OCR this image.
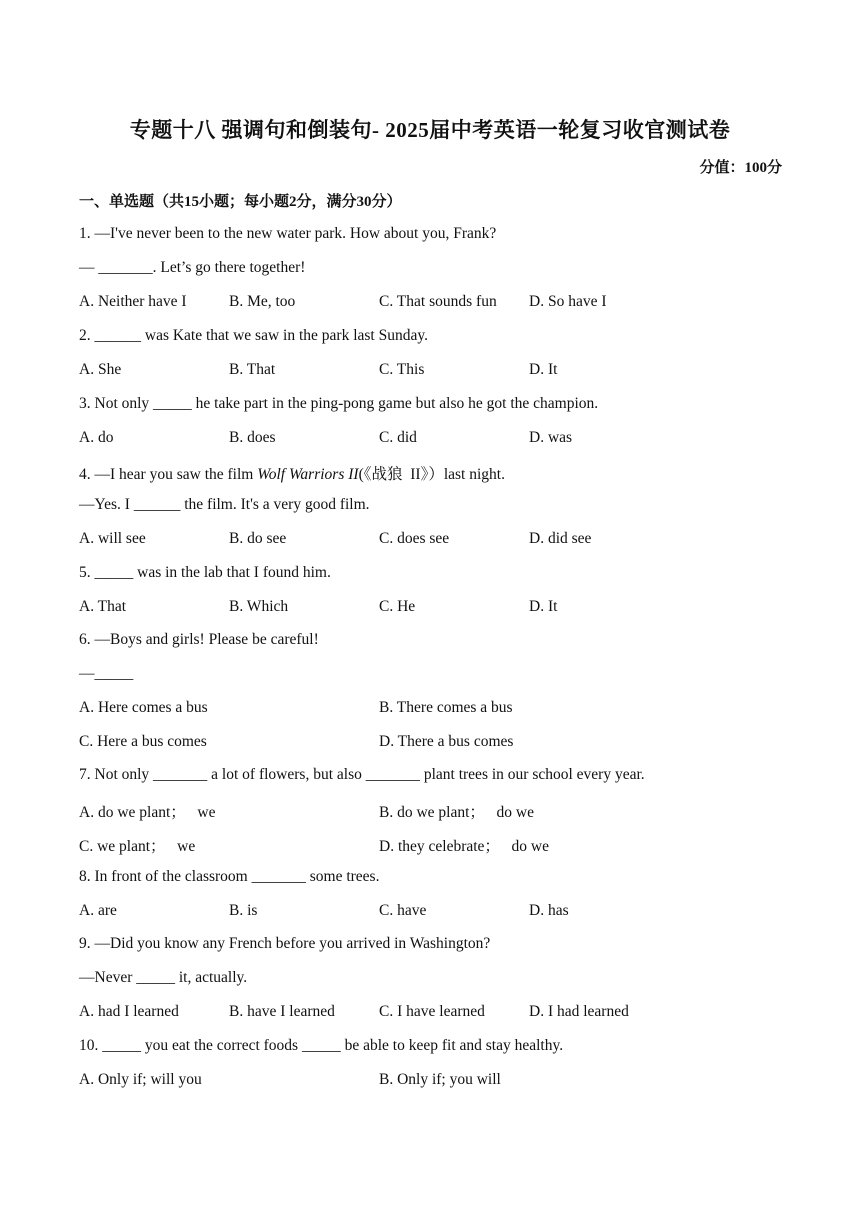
专题十八 强调句和倒装句- 2025届中考英语一轮复习收官测试卷
分值：100分
一、单选题（共15小题；每小题2分，满分30分）
1. —I've never been to the new water park. How about you, Frank?
— _______. Let’s go there together!
A. Neither have I	B. Me, too	C. That sounds fun D. So have I
2. ______ was Kate that we saw in the park last Sunday.
A. She	B. That	C. This	D. It
3. Not only _____ he take part in the ping-pong game but also he got the champion.
A. do	B. does	C. did	D. was
4. —I hear you saw the film Wolf Warriors II(《战狼  II》）last night.
—Yes. I ______ the film. It's a very good film.
A. will see	B. do see	C. does see	D. did see
5. _____ was in the lab that I found him.
A. That	B. Which	C. He	D. It
6. —Boys and girls! Please be careful!
—_____
A. Here comes a bus	B. There comes a bus
C. Here a bus comes	D. There a bus comes
7. Not only _______ a lot of flowers, but also _______ plant trees in our school every year.
A. do we plant；   we	B. do we plant；   do we
C. we plant；   we	D. they celebrate；   do we
8. In front of the classroom _______ some trees.
A. are	B. is	C. have	D. has
9. —Did you know any French before you arrived in Washington?
—Never _____ it, actually.
A. had I learned	B. have I learned	C. I have learned	D. I had learned
10. _____ you eat the correct foods _____ be able to keep fit and stay healthy.
A. Only if; will you	B. Only if; you will
